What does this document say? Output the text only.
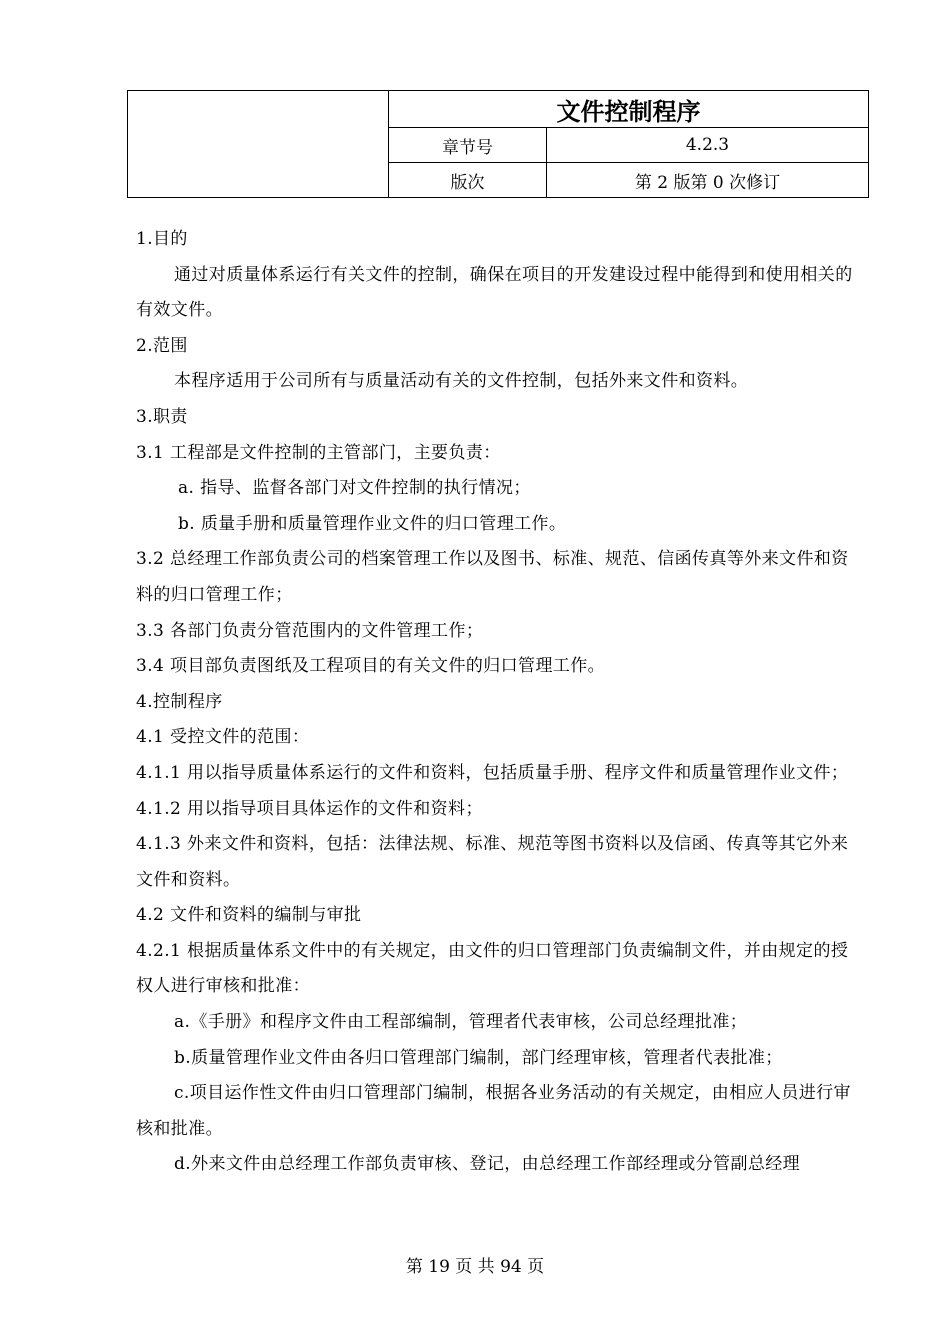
	文件控制程序	
	章节号	4.2.3
	版次	第 2 版第 0 次修订

1.目的

通过对质量体系运行有关文件的控制，确保在项目的开发建设过程中能得到和使用相关的有效文件。

2.范围

本程序适用于公司所有与质量活动有关的文件控制，包括外来文件和资料。

3.职责

3.1 工程部是文件控制的主管部门，主要负责：

a. 指导、监督各部门对文件控制的执行情况；

b. 质量手册和质量管理作业文件的归口管理工作。

3.2 总经理工作部负责公司的档案管理工作以及图书、标准、规范、信函传真等外来文件和资料的归口管理工作；

3.3 各部门负责分管范围内的文件管理工作；

3.4 项目部负责图纸及工程项目的有关文件的归口管理工作。

4.控制程序

4.1 受控文件的范围：

4.1.1 用以指导质量体系运行的文件和资料，包括质量手册、程序文件和质量管理作业文件；

4.1.2 用以指导项目具体运作的文件和资料；

4.1.3 外来文件和资料，包括：法律法规、标准、规范等图书资料以及信函、传真等其它外来文件和资料。

4.2 文件和资料的编制与审批

4.2.1 根据质量体系文件中的有关规定，由文件的归口管理部门负责编制文件，并由规定的授权人进行审核和批准：

a.《手册》和程序文件由工程部编制，管理者代表审核，公司总经理批准；

b.质量管理作业文件由各归口管理部门编制，部门经理审核，管理者代表批准；

c.项目运作性文件由归口管理部门编制，根据各业务活动的有关规定，由相应人员进行审核和批准。

d.外来文件由总经理工作部负责审核、登记，由总经理工作部经理或分管副总经理

第 19 页 共 94 页
